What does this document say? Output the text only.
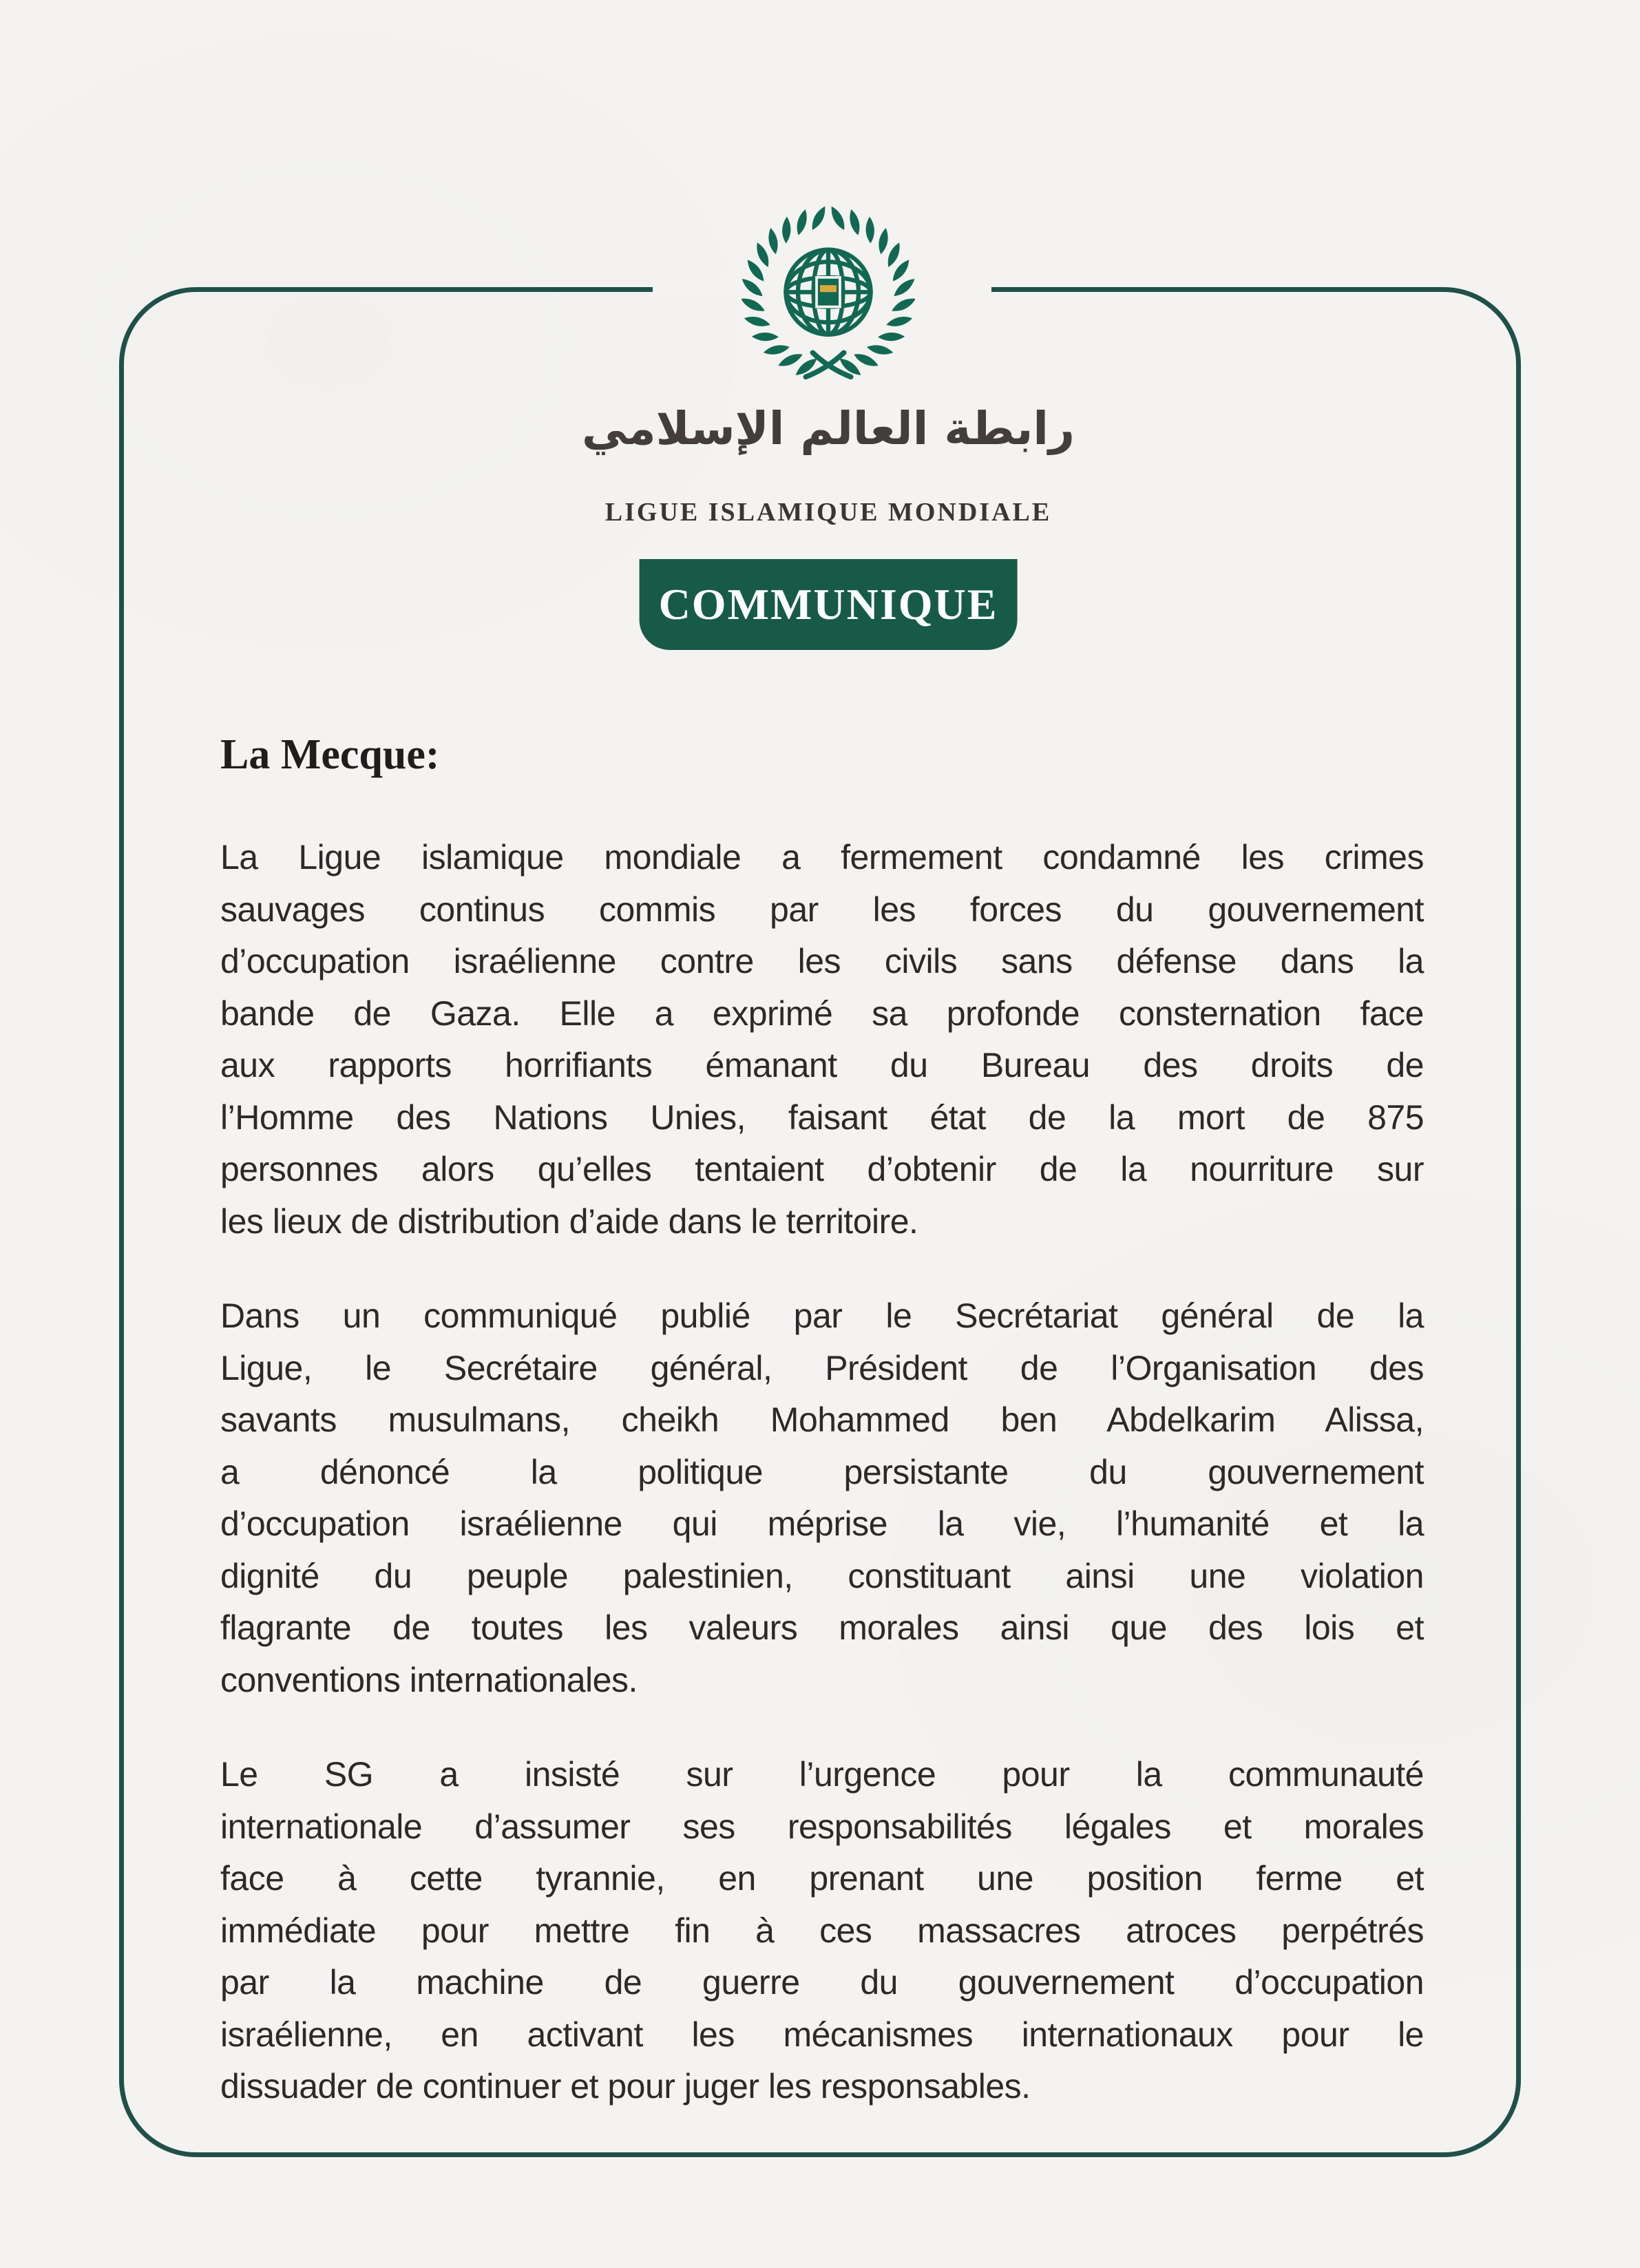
رابطة العالم الإسلامي
LIGUE ISLAMIQUE MONDIALE
COMMUNIQUE
La Mecque:
La Ligue islamique mondiale a fermement condamné les crimes
sauvages continus commis par les forces du gouvernement
d’occupation israélienne contre les civils sans défense dans la
bande de Gaza. Elle a exprimé sa profonde consternation face
aux rapports horrifiants émanant du Bureau des droits de
l’Homme des Nations Unies, faisant état de la mort de 875
personnes alors qu’elles tentaient d’obtenir de la nourriture sur
les lieux de distribution d’aide dans le territoire.
Dans un communiqué publié par le Secrétariat général de la
Ligue, le Secrétaire général, Président de l’Organisation des
savants musulmans, cheikh Mohammed ben Abdelkarim Alissa,
a dénoncé la politique persistante du gouvernement
d’occupation israélienne qui méprise la vie, l’humanité et la
dignité du peuple palestinien, constituant ainsi une violation
flagrante de toutes les valeurs morales ainsi que des lois et
conventions internationales.
Le SG a insisté sur l’urgence pour la communauté
internationale d’assumer ses responsabilités légales et morales
face à cette tyrannie, en prenant une position ferme et
immédiate pour mettre fin à ces massacres atroces perpétrés
par la machine de guerre du gouvernement d’occupation
israélienne, en activant les mécanismes internationaux pour le
dissuader de continuer et pour juger les responsables.
